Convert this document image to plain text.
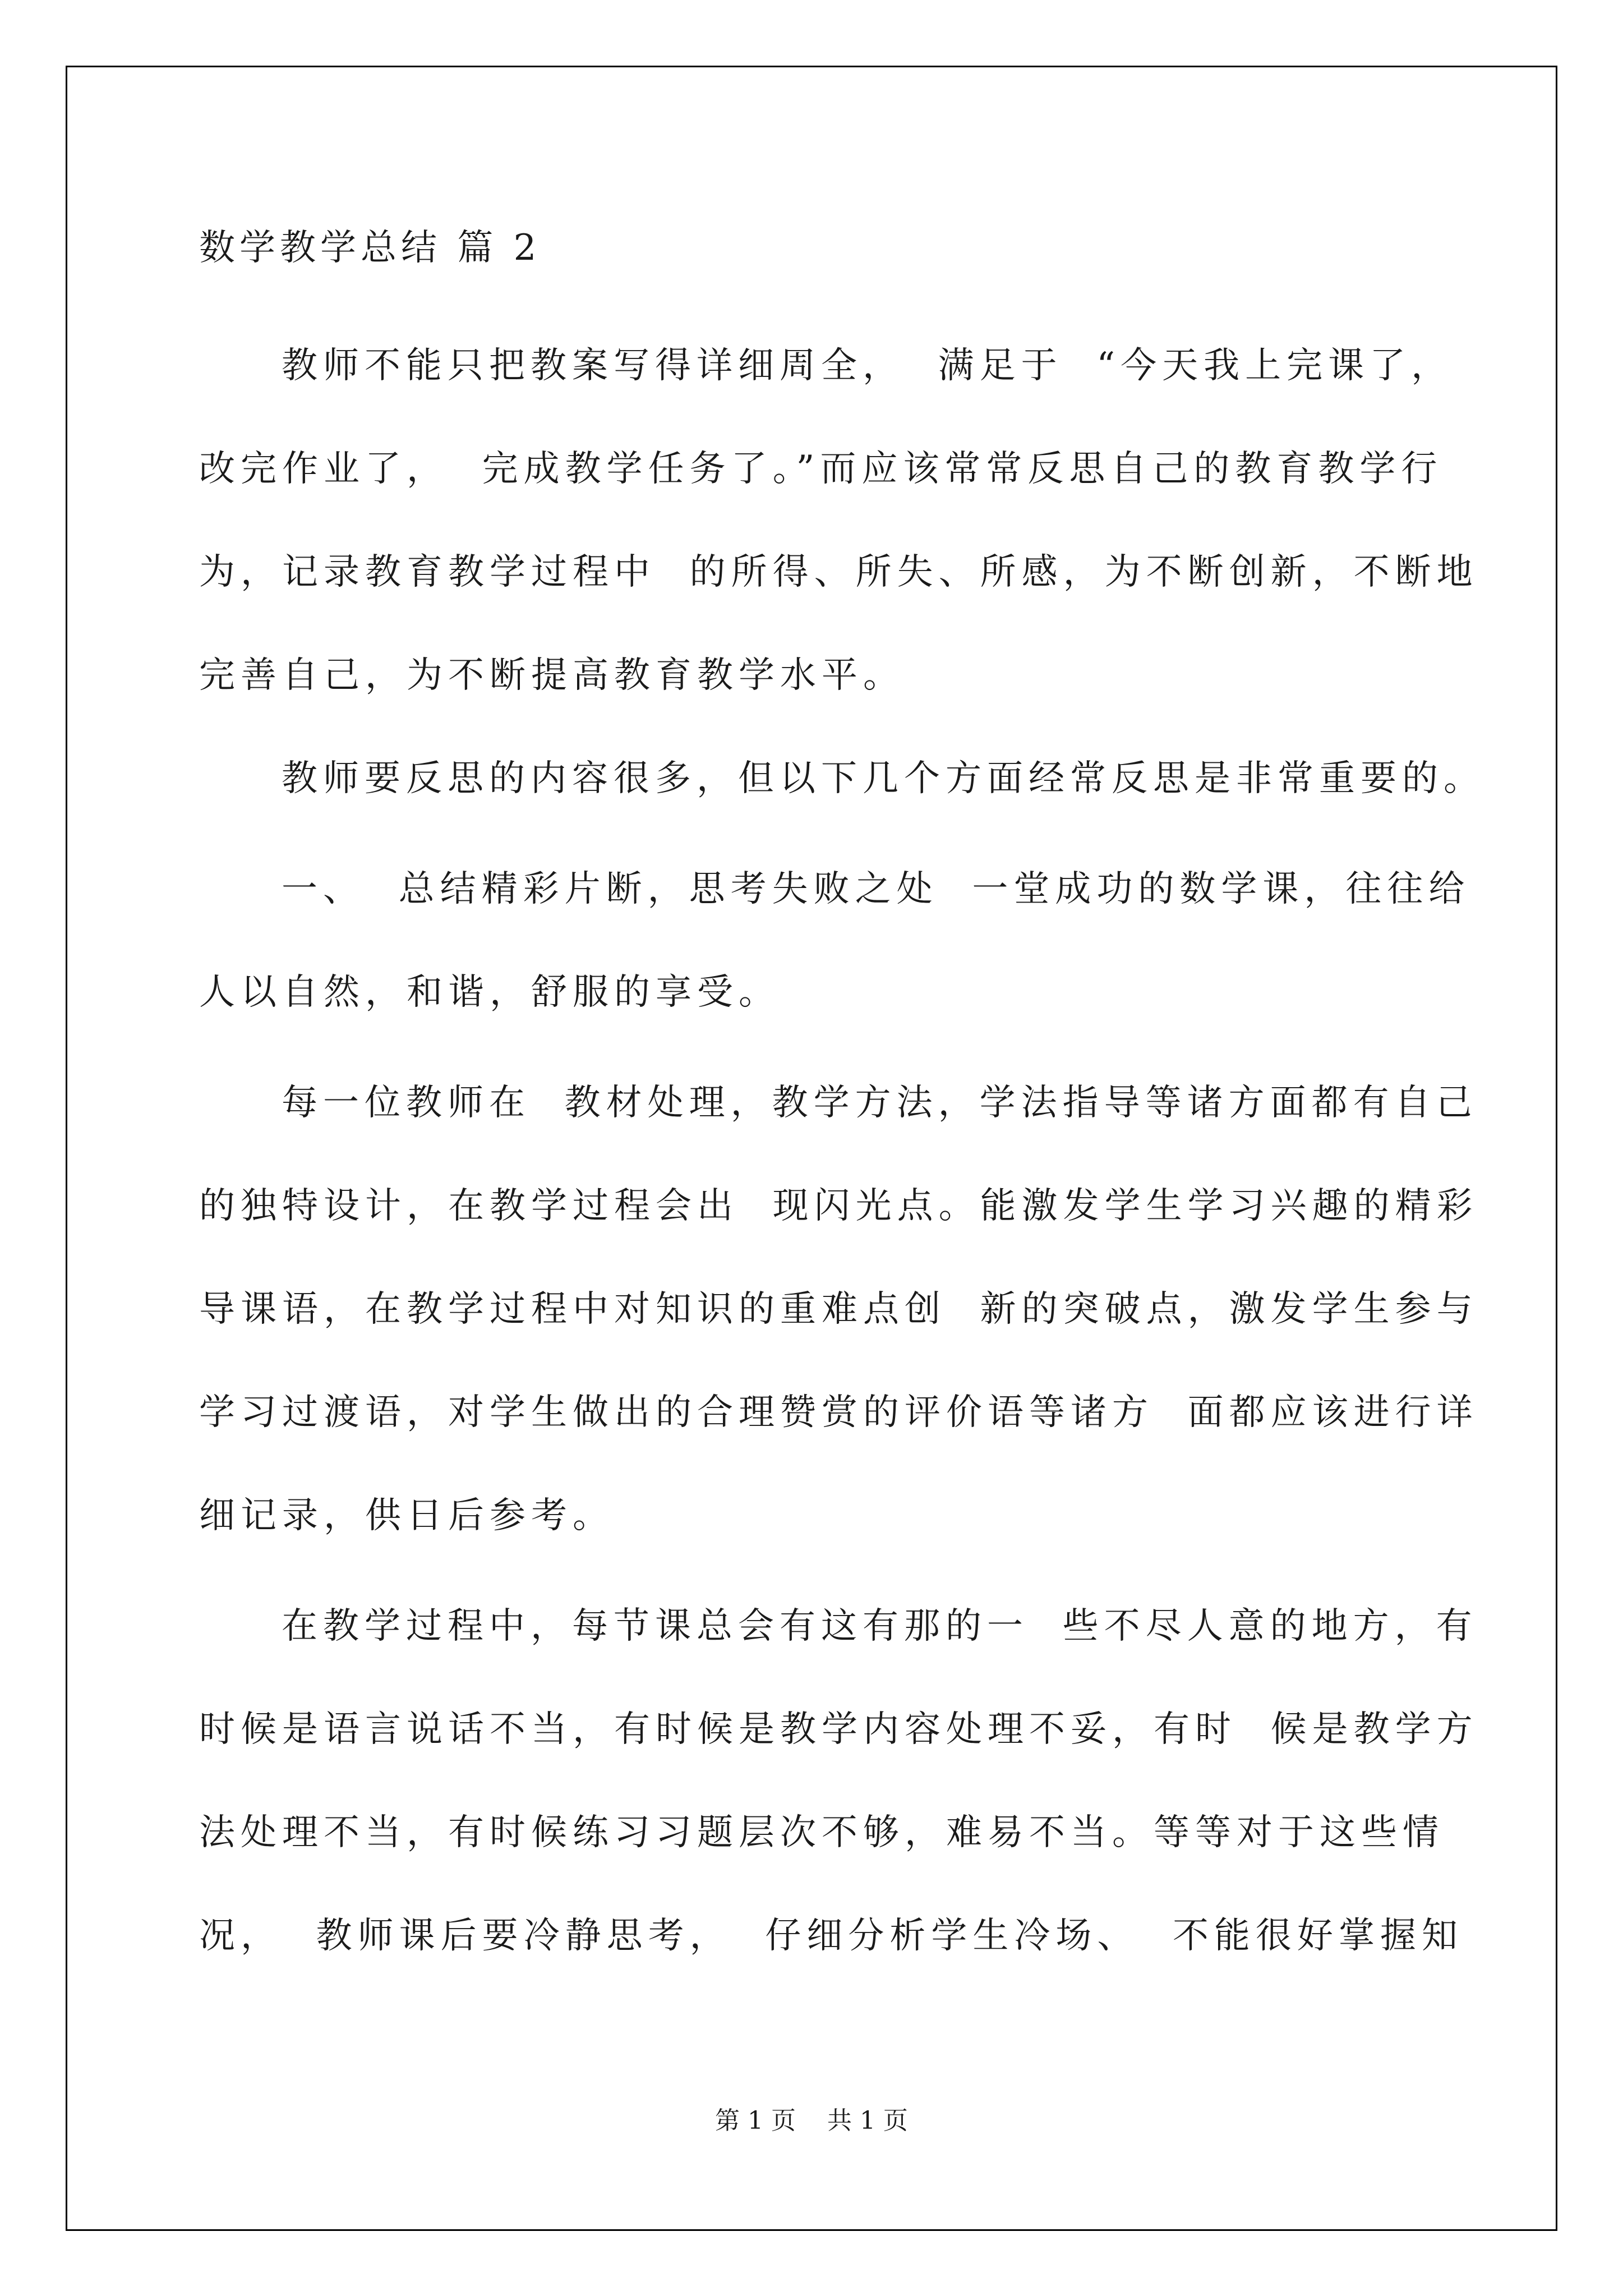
数学教学总结 篇 2
教师不能只把教案写得详细周全，  满足于  “今天我上完课了，
改完作业了，  完成教学任务了。”而应该常常反思自己的教育教学行
为，记录教育教学过程中  的所得、所失、所感，为不断创新，不断地
完善自己，为不断提高教育教学水平。
教师要反思的内容很多，但以下几个方面经常反思是非常重要的。
一、  总结精彩片断，思考失败之处  一堂成功的数学课，往往给
人以自然，和谐，舒服的享受。
每一位教师在  教材处理，教学方法，学法指导等诸方面都有自己
的独特设计，在教学过程会出  现闪光点。能激发学生学习兴趣的精彩
导课语，在教学过程中对知识的重难点创  新的突破点，激发学生参与
学习过渡语，对学生做出的合理赞赏的评价语等诸方  面都应该进行详
细记录，供日后参考。
在教学过程中，每节课总会有这有那的一  些不尽人意的地方，有
时候是语言说话不当，有时候是教学内容处理不妥，有时  候是教学方
法处理不当，有时候练习习题层次不够，难易不当。等等对于这些情
况，  教师课后要冷静思考，  仔细分析学生冷场、  不能很好掌握知
第 1 页    共 1 页
